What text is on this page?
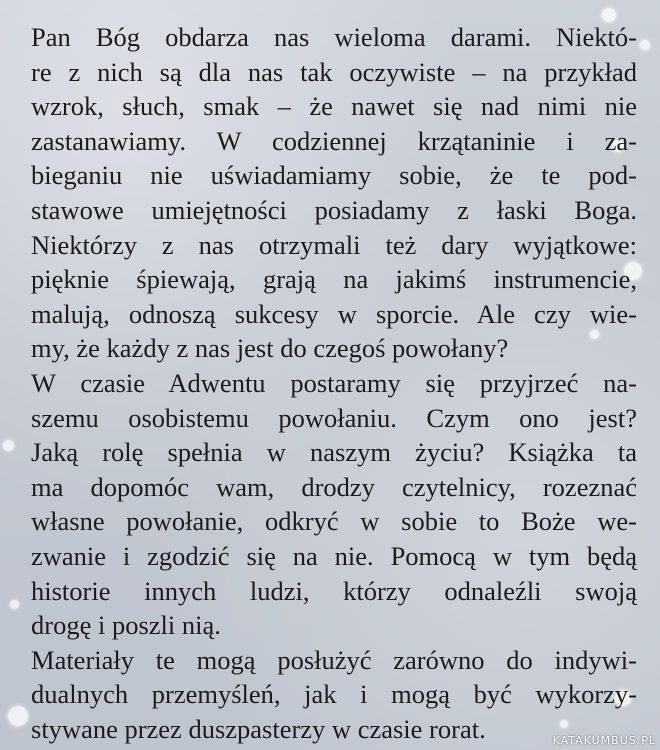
Pan Bóg obdarza nas wieloma darami. Niektó-
re z nich są dla nas tak oczywiste – na przykład
wzrok, słuch, smak – że nawet się nad nimi nie
zastanawiamy. W codziennej krzątaninie i za-
bieganiu nie uświadamiamy sobie, że te pod-
stawowe umiejętności posiadamy z łaski Boga.
Niektórzy z nas otrzymali też dary wyjątkowe:
pięknie śpiewają, grają na jakimś instrumencie,
malują, odnoszą sukcesy w sporcie. Ale czy wie-
my, że każdy z nas jest do czegoś powołany?
W czasie Adwentu postaramy się przyjrzeć na-
szemu osobistemu powołaniu. Czym ono jest?
Jaką rolę spełnia w naszym życiu? Książka ta
ma dopomóc wam, drodzy czytelnicy, rozeznać
własne powołanie, odkryć w sobie to Boże we-
zwanie i zgodzić się na nie. Pomocą w tym będą
historie innych ludzi, którzy odnaleźli swoją
drogę i poszli nią.
Materiały te mogą posłużyć zarówno do indywi-
dualnych przemyśleń, jak i mogą być wykorzy-
stywane przez duszpasterzy w czasie rorat.	KATAKUMBUS.PL
